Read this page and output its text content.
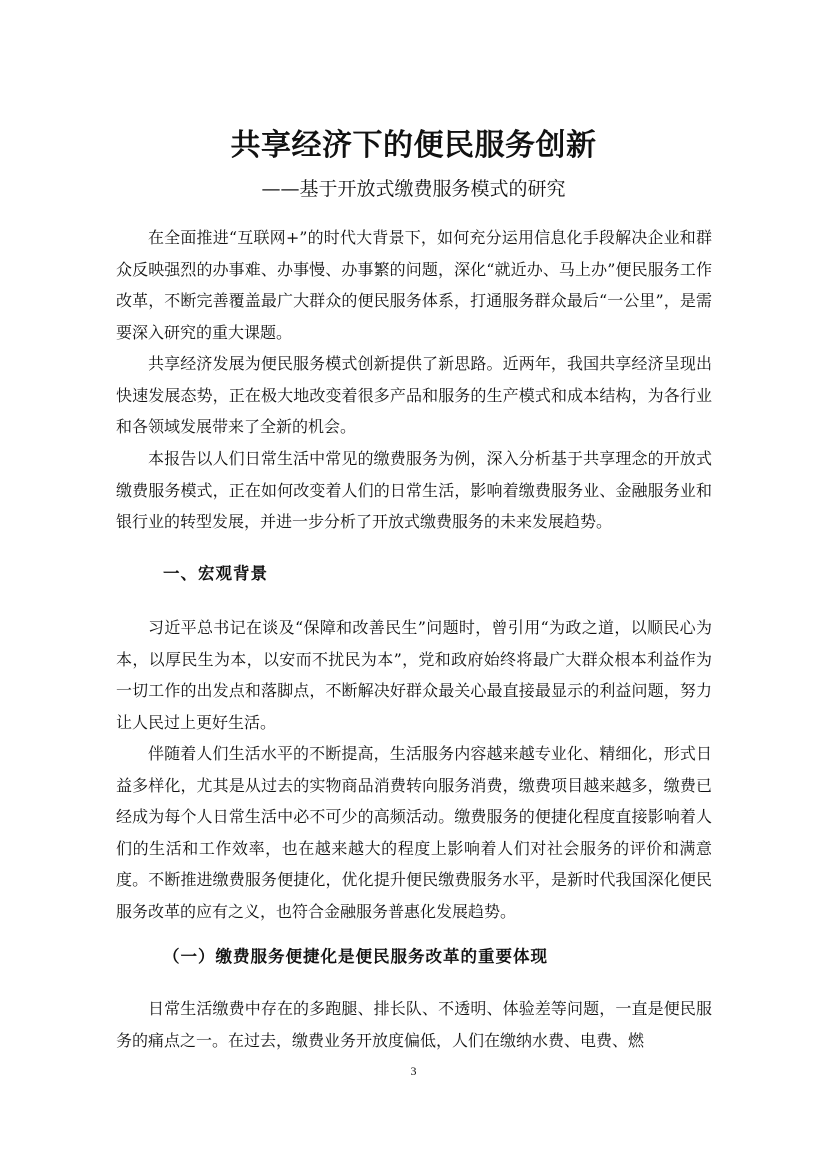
共享经济下的便民服务创新
——基于开放式缴费服务模式的研究

在全面推进“互联网+”的时代大背景下，如何充分运用信息化手段解决企业和群众反映强烈的办事难、办事慢、办事繁的问题，深化“就近办、马上办”便民服务工作改革，不断完善覆盖最广大群众的便民服务体系，打通服务群众最后“一公里”，是需要深入研究的重大课题。

共享经济发展为便民服务模式创新提供了新思路。近两年，我国共享经济呈现出快速发展态势，正在极大地改变着很多产品和服务的生产模式和成本结构，为各行业和各领域发展带来了全新的机会。

本报告以人们日常生活中常见的缴费服务为例，深入分析基于共享理念的开放式缴费服务模式，正在如何改变着人们的日常生活，影响着缴费服务业、金融服务业和银行业的转型发展，并进一步分析了开放式缴费服务的未来发展趋势。

一、宏观背景

习近平总书记在谈及“保障和改善民生”问题时，曾引用“为政之道，以顺民心为本，以厚民生为本，以安而不扰民为本”，党和政府始终将最广大群众根本利益作为一切工作的出发点和落脚点，不断解决好群众最关心最直接最显示的利益问题，努力让人民过上更好生活。

伴随着人们生活水平的不断提高，生活服务内容越来越专业化、精细化，形式日益多样化，尤其是从过去的实物商品消费转向服务消费，缴费项目越来越多，缴费已经成为每个人日常生活中必不可少的高频活动。缴费服务的便捷化程度直接影响着人们的生活和工作效率，也在越来越大的程度上影响着人们对社会服务的评价和满意度。不断推进缴费服务便捷化，优化提升便民缴费服务水平，是新时代我国深化便民服务改革的应有之义，也符合金融服务普惠化发展趋势。

（一）缴费服务便捷化是便民服务改革的重要体现

日常生活缴费中存在的多跑腿、排长队、不透明、体验差等问题，一直是便民服务的痛点之一。在过去，缴费业务开放度偏低，人们在缴纳水费、电费、燃

3
